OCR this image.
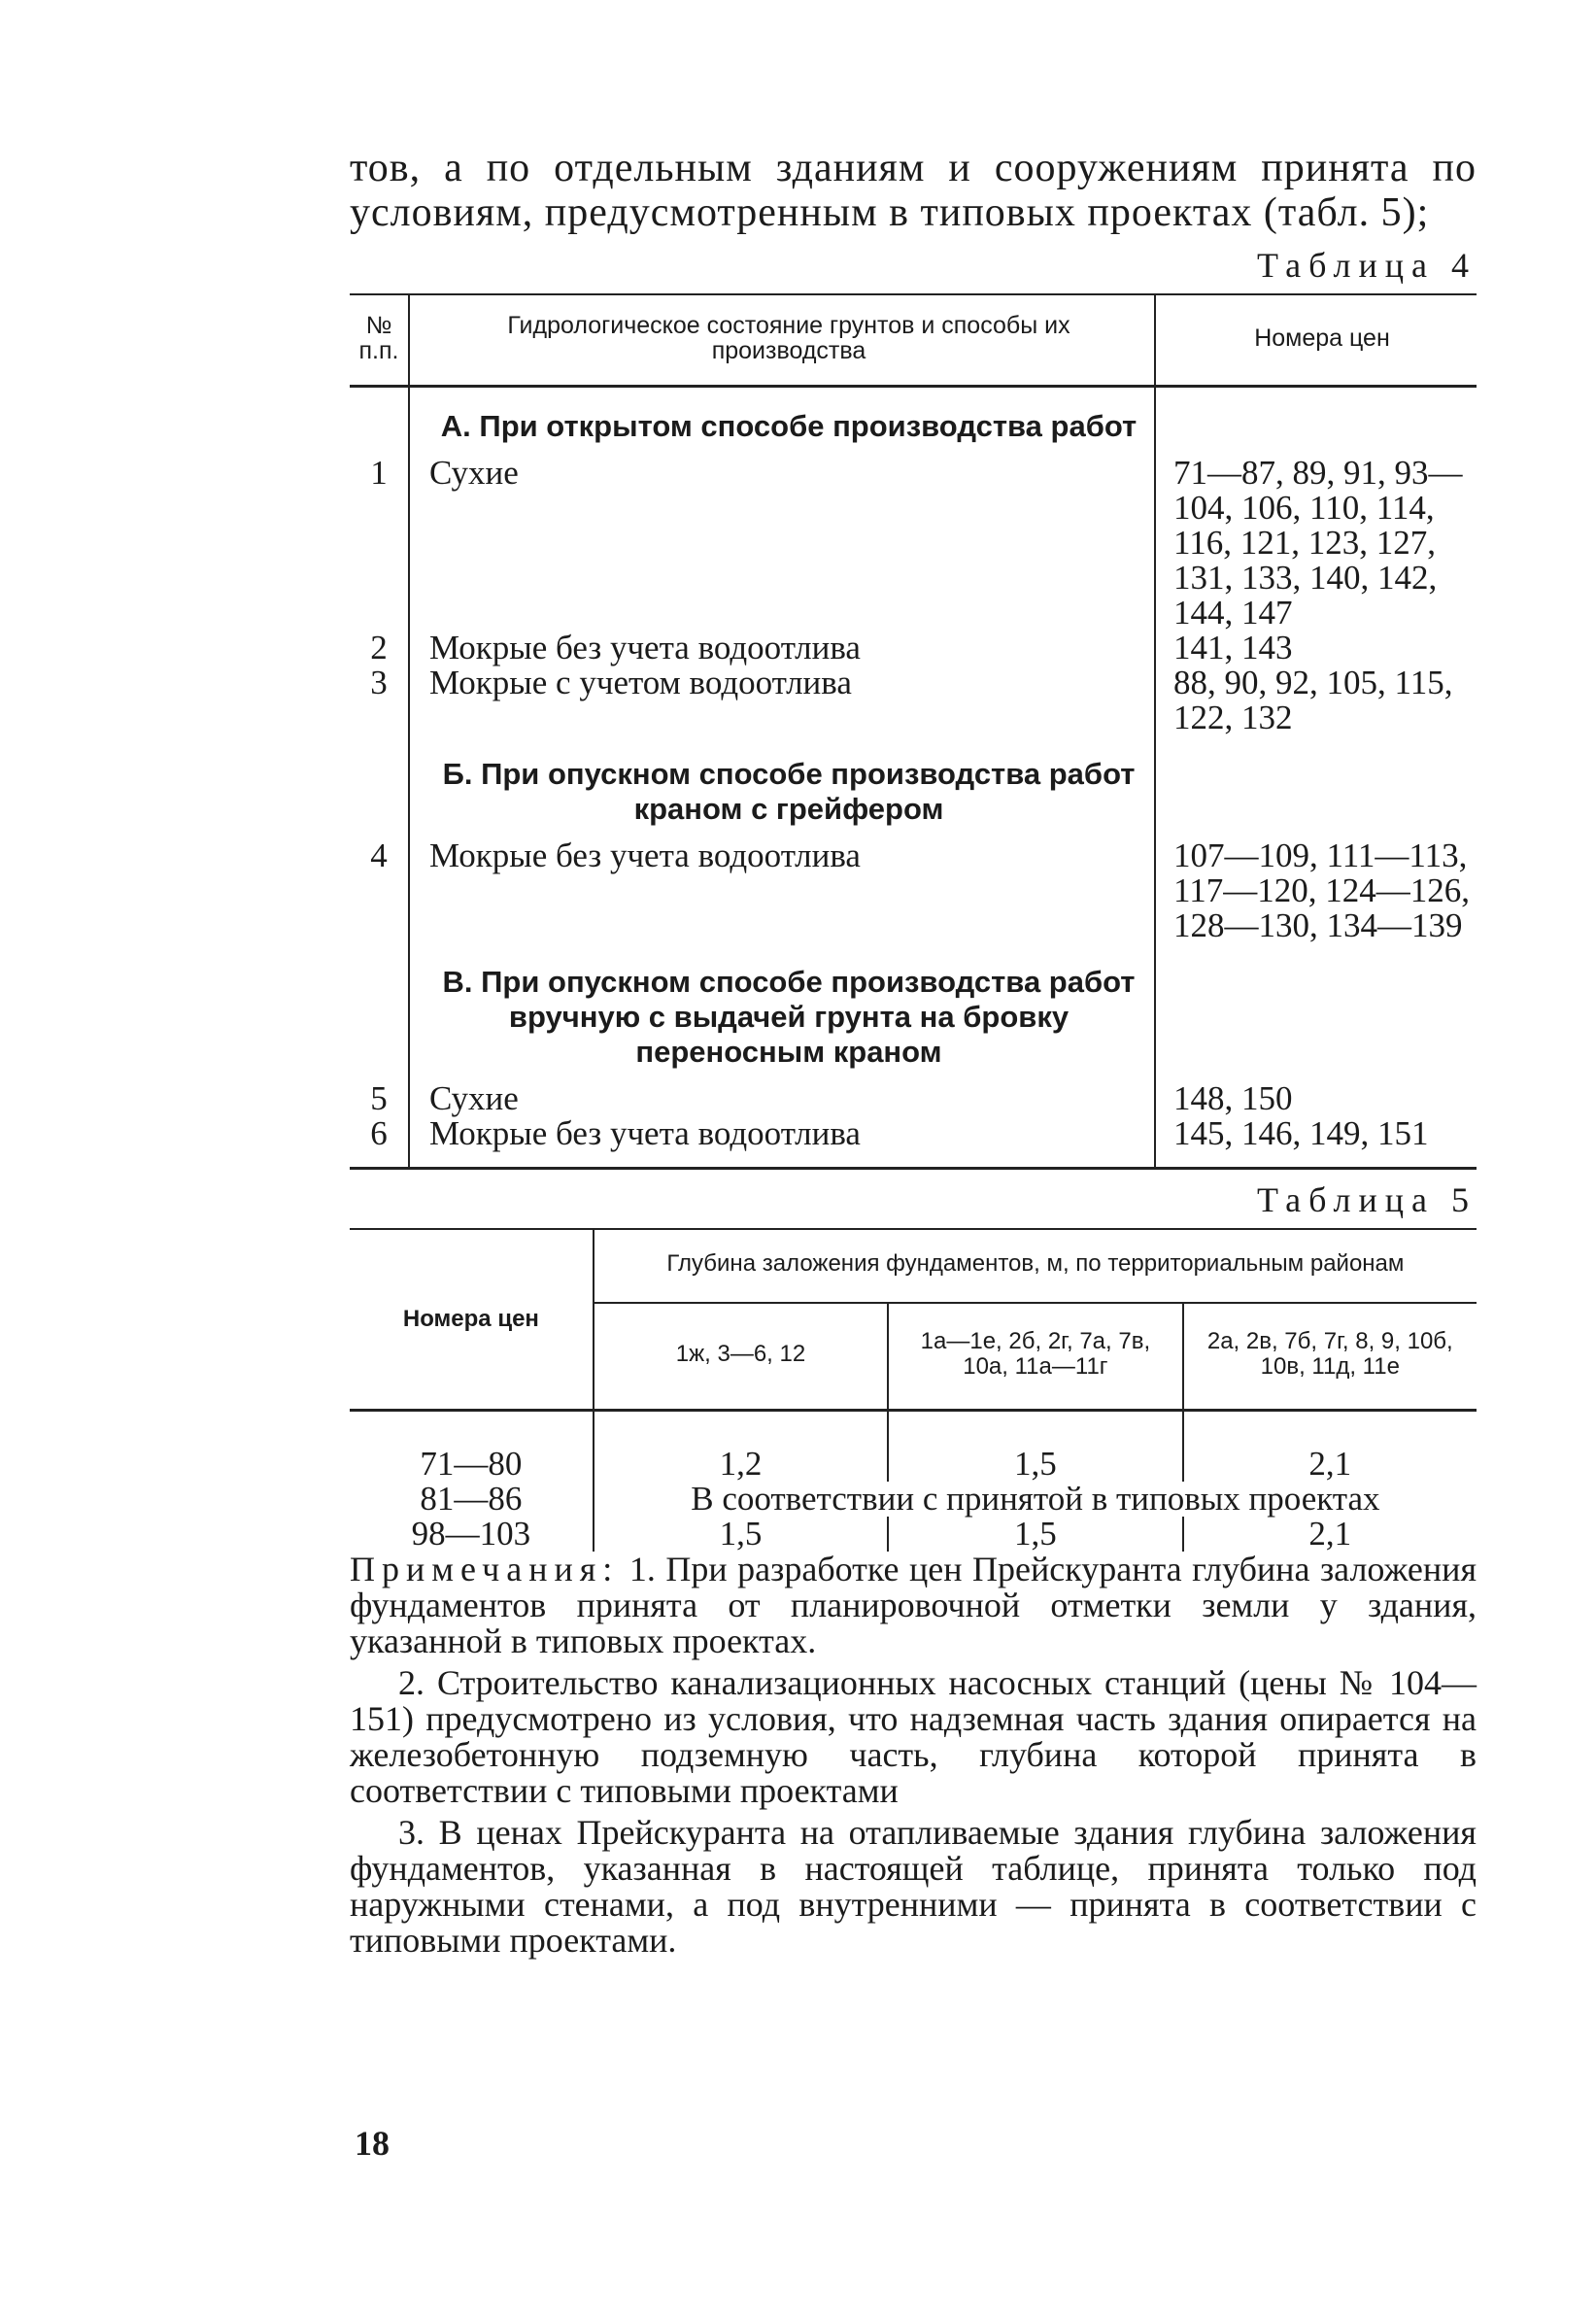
тов, а по отдельным зданиям и сооружениям принята по условиям, предусмотренным в типовых проектах (табл. 5);

Таблица 4
№ п.п.	Гидрологическое состояние грунтов и способы их производства	Номера цен
	А. При открытом способе производства работ	
1	Сухие	71—87, 89, 91, 93—104, 106, 110, 114, 116, 121, 123, 127, 131, 133, 140, 142, 144, 147
2	Мокрые без учета водоотлива	141, 143
3	Мокрые с учетом водоотлива	88, 90, 92, 105, 115, 122, 132
	Б. При опускном способе производства работ краном с грейфером	
4	Мокрые без учета водоотлива	107—109, 111—113, 117—120, 124—126, 128—130, 134—139
	В. При опускном способе производства работ вручную с выдачей грунта на бровку переносным краном	
5	Сухие	148, 150
6	Мокрые без учета водоотлива	145, 146, 149, 151
Таблица 5
Номера цен	Глубина заложения фундаментов, м, по территориальным районам		
	1ж, 3—6, 12	1а—1е, 2б, 2г, 7а, 7в, 10а, 11а—11г	2а, 2в, 7б, 7г, 8, 9, 10б, 10в, 11д, 11е
71—80	1,2	1,5	2,1
81—86	В соответствии с принятой в типовых проектах		
98—103	1,5	1,5	2,1

Примечания: 1. При разработке цен Прейскуранта глубина заложения фундаментов принята от планировочной отметки земли у здания, указанной в типовых проектах.

2. Строительство канализационных насосных станций (цены № 104—151) предусмотрено из условия, что надземная часть здания опирается на железобетонную подземную часть, глубина которой принята в соответствии с типовыми проектами

3. В ценах Прейскуранта на отапливаемые здания глубина заложения фундаментов, указанная в настоящей таблице, принята только под наружными стенами, а под внутренними — принята в соответствии с типовыми проектами.

18
